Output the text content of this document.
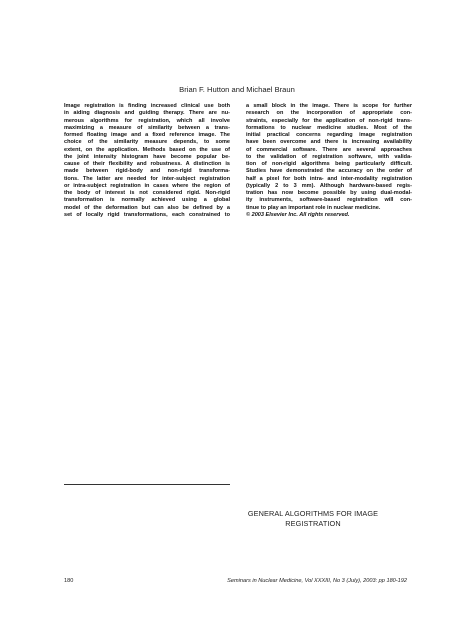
Brian F. Hutton and Michael Braun
Image registration is finding increased clinical use both
in aiding diagnosis and guiding therapy. There are nu-
merous algorithms for registration, which all involve
maximizing a measure of similarity between a trans-
formed floating image and a fixed reference image. The
choice of the similarity measure depends, to some
extent, on the application. Methods based on the use of
the joint intensity histogram have become popular be-
cause of their flexibility and robustness. A distinction is
made between rigid-body and non-rigid transforma-
tions. The latter are needed for inter-subject registration
or intra-subject registration in cases where the region of
the body of interest is not considered rigid. Non-rigid
transformation is normally achieved using a global
model of the deformation but can also be defined by a
set of locally rigid transformations, each constrained to
a small block in the image. There is scope for further
research on the incorporation of appropriate con-
straints, especially for the application of non-rigid trans-
formations to nuclear medicine studies. Most of the
initial practical concerns regarding image registration
have been overcome and there is increasing availability
of commercial software. There are several approaches
to the validation of registration software, with valida-
tion of non-rigid algorithms being particularly difficult.
Studies have demonstrated the accuracy on the order of
half a pixel for both intra- and inter-modality registration
(typically 2 to 3 mm). Although hardware-based regis-
tration has now become possible by using dual-modal-
ity instruments, software-based registration will con-
tinue to play an important role in nuclear medicine.
© 2003 Elsevier Inc. All rights reserved.
GENERAL ALGORITHMS FOR IMAGE
REGISTRATION
180	Seminars in Nuclear Medicine, Vol XXXIII, No 3 (July), 2003: pp 180-192
